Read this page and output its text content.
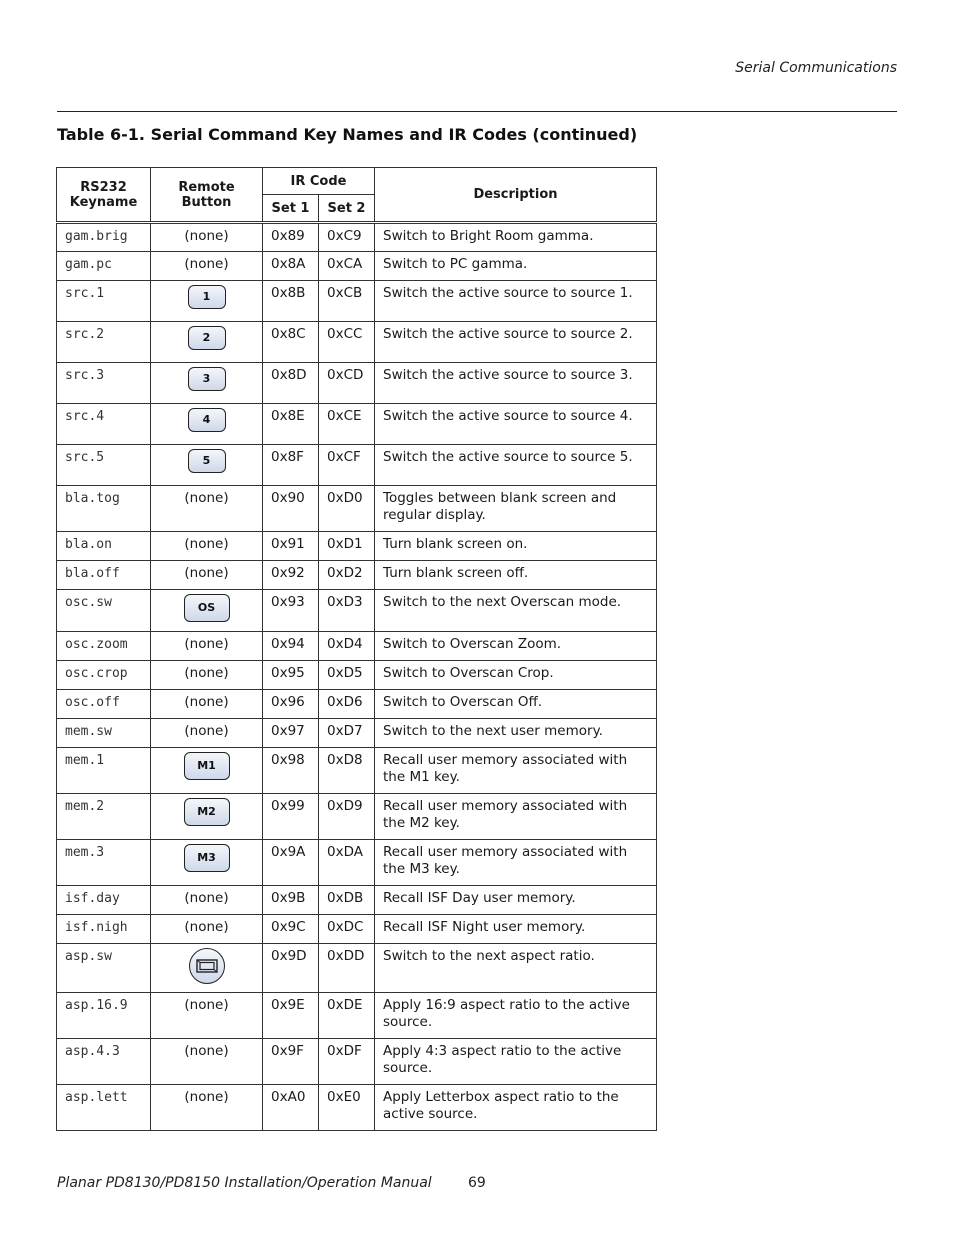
Serial Communications
Table 6-1. Serial Command Key Names and IR Codes (continued)
RS232 Keyname	Remote Button	IR Code		Description
		Set 1	Set 2	
gam.brig	(none)	0x89	0xC9	Switch to Bright Room gamma.
gam.pc	(none)	0x8A	0xCA	Switch to PC gamma.
src.1	1	0x8B	0xCB	Switch the active source to source 1.
src.2	2	0x8C	0xCC	Switch the active source to source 2.
src.3	3	0x8D	0xCD	Switch the active source to source 3.
src.4	4	0x8E	0xCE	Switch the active source to source 4.
src.5	5	0x8F	0xCF	Switch the active source to source 5.
bla.tog	(none)	0x90	0xD0	Toggles between blank screen and regular display.
bla.on	(none)	0x91	0xD1	Turn blank screen on.
bla.off	(none)	0x92	0xD2	Turn blank screen off.
osc.sw	OS	0x93	0xD3	Switch to the next Overscan mode.
osc.zoom	(none)	0x94	0xD4	Switch to Overscan Zoom.
osc.crop	(none)	0x95	0xD5	Switch to Overscan Crop.
osc.off	(none)	0x96	0xD6	Switch to Overscan Off.
mem.sw	(none)	0x97	0xD7	Switch to the next user memory.
mem.1	M1	0x98	0xD8	Recall user memory associated with the M1 key.
mem.2	M2	0x99	0xD9	Recall user memory associated with the M2 key.
mem.3	M3	0x9A	0xDA	Recall user memory associated with the M3 key.
isf.day	(none)	0x9B	0xDB	Recall ISF Day user memory.
isf.nigh	(none)	0x9C	0xDC	Recall ISF Night user memory.
asp.sw		0x9D	0xDD	Switch to the next aspect ratio.
asp.16.9	(none)	0x9E	0xDE	Apply 16:9 aspect ratio to the active source.
asp.4.3	(none)	0x9F	0xDF	Apply 4:3 aspect ratio to the active source.
asp.lett	(none)	0xA0	0xE0	Apply Letterbox aspect ratio to the active source.
Planar PD8130/PD8150 Installation/Operation Manual	69
